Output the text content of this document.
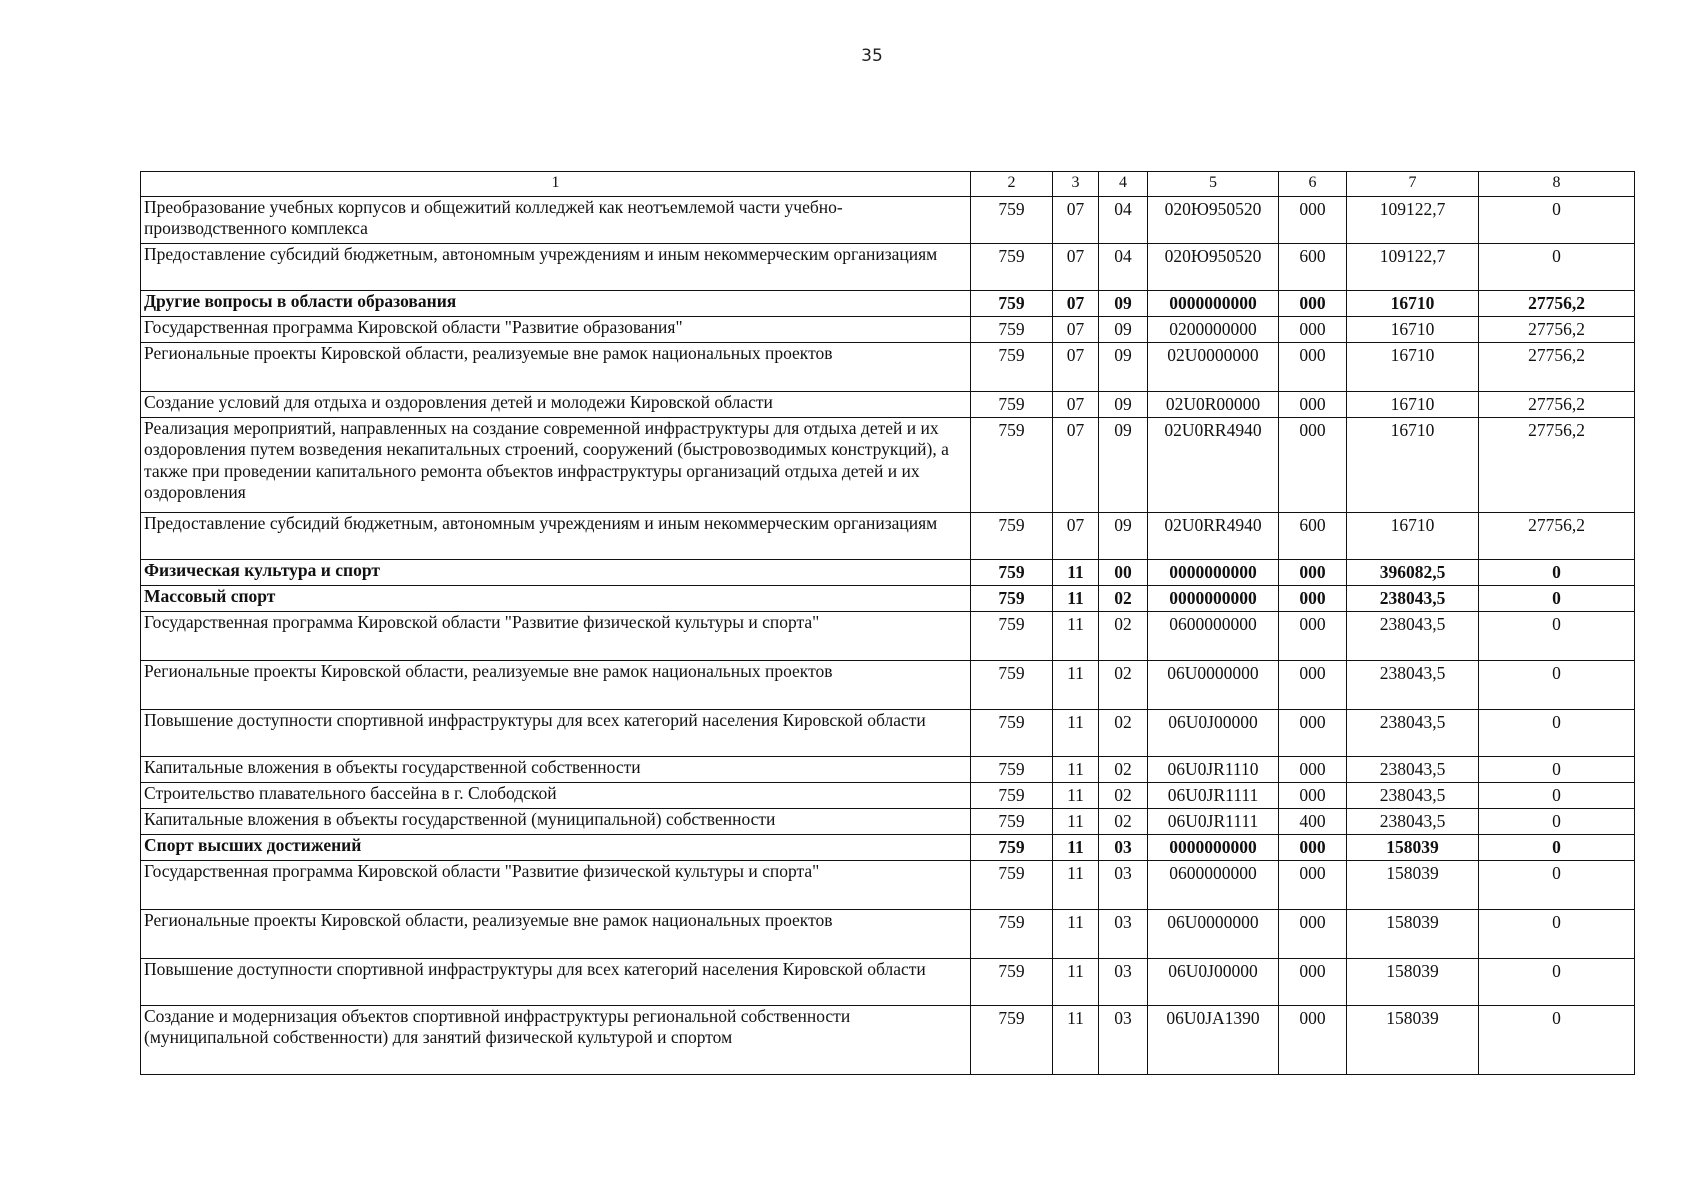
35
1	2	3	4	5	6	7	8
Преобразование учебных корпусов и общежитий колледжей как неотъемлемой части учебно-производственного комплекса	759	07	04	020Ю950520	000	109122,7	0
Предоставление субсидий бюджетным, автономным учреждениям и иным некоммерческим организациям	759	07	04	020Ю950520	600	109122,7	0
Другие вопросы в области образования	759	07	09	0000000000	000	16710	27756,2
Государственная программа Кировской области "Развитие образования"	759	07	09	0200000000	000	16710	27756,2
Региональные проекты Кировской области, реализуемые вне рамок национальных проектов	759	07	09	02U0000000	000	16710	27756,2
Создание условий для отдыха и оздоровления детей и молодежи Кировской области	759	07	09	02U0R00000	000	16710	27756,2
Реализация мероприятий, направленных на создание современной инфраструктуры для отдыха детей и их оздоровления путем возведения некапитальных строений, сооружений (быстровозводимых конструкций), а также при проведении капитального ремонта объектов инфраструктуры организаций отдыха детей и их оздоровления	759	07	09	02U0RR4940	000	16710	27756,2
Предоставление субсидий бюджетным, автономным учреждениям и иным некоммерческим организациям	759	07	09	02U0RR4940	600	16710	27756,2
Физическая культура и спорт	759	11	00	0000000000	000	396082,5	0
Массовый спорт	759	11	02	0000000000	000	238043,5	0
Государственная программа Кировской области "Развитие физической культуры и спорта"	759	11	02	0600000000	000	238043,5	0
Региональные проекты Кировской области, реализуемые вне рамок национальных проектов	759	11	02	06U0000000	000	238043,5	0
Повышение доступности спортивной инфраструктуры для всех категорий населения Кировской области	759	11	02	06U0J00000	000	238043,5	0
Капитальные вложения в объекты государственной собственности	759	11	02	06U0JR1110	000	238043,5	0
Строительство плавательного бассейна в г. Слободской	759	11	02	06U0JR1111	000	238043,5	0
Капитальные вложения в объекты государственной (муниципальной) собственности	759	11	02	06U0JR1111	400	238043,5	0
Спорт высших достижений	759	11	03	0000000000	000	158039	0
Государственная программа Кировской области "Развитие физической культуры и спорта"	759	11	03	0600000000	000	158039	0
Региональные проекты Кировской области, реализуемые вне рамок национальных проектов	759	11	03	06U0000000	000	158039	0
Повышение доступности спортивной инфраструктуры для всех категорий населения Кировской области	759	11	03	06U0J00000	000	158039	0
Создание и модернизация объектов спортивной инфраструктуры региональной собственности (муниципальной собственности) для занятий физической культурой и спортом	759	11	03	06U0JA1390	000	158039	0
